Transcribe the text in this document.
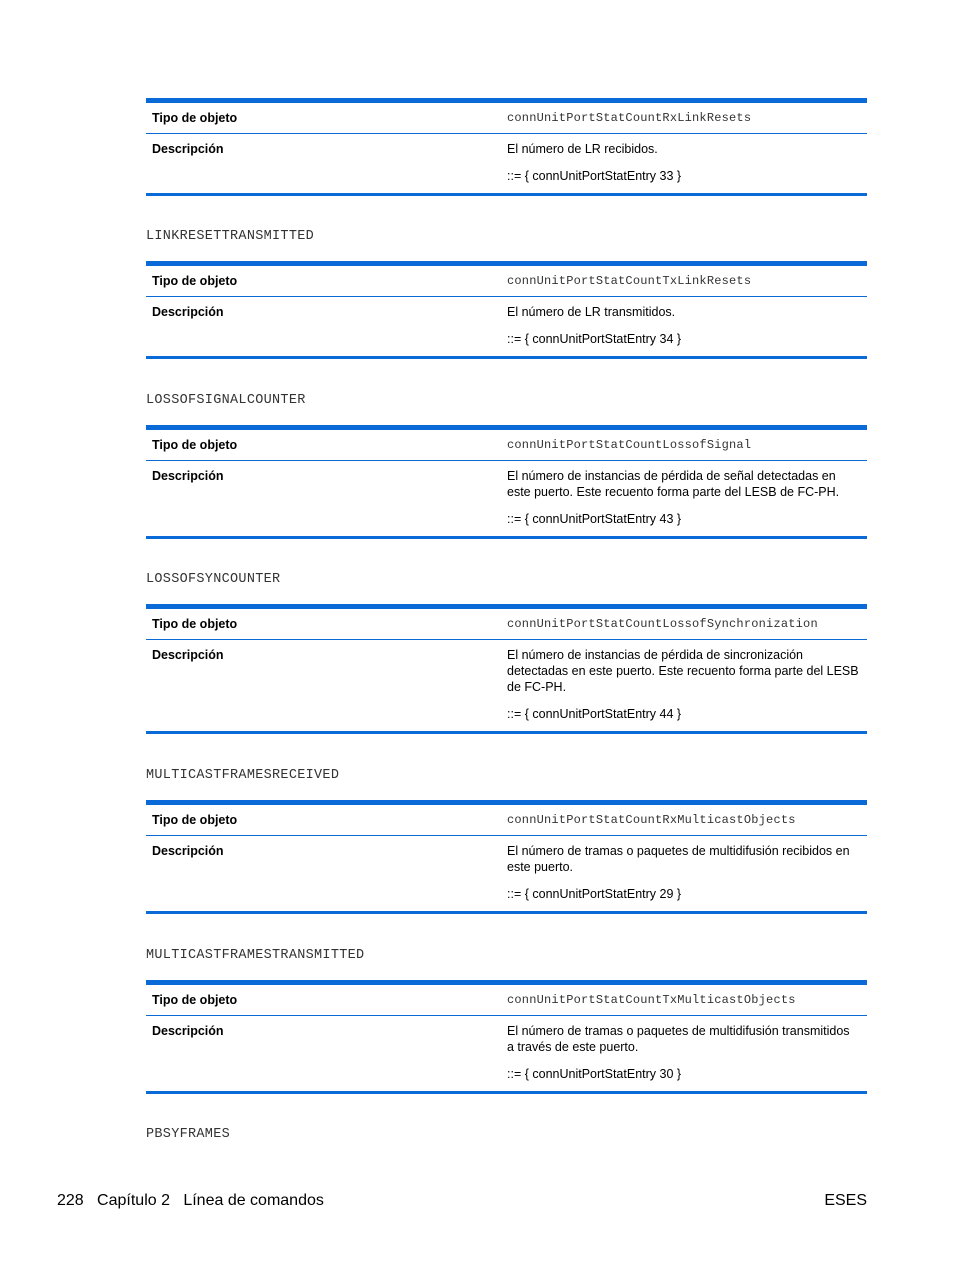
Tipo de objeto	connUnitPortStatCountRxLinkResets
Descripción	El número de LR recibidos.
::= { connUnitPortStatEntry 33 }
LINKRESETTRANSMITTED
Tipo de objeto	connUnitPortStatCountTxLinkResets
Descripción	El número de LR transmitidos.
::= { connUnitPortStatEntry 34 }
LOSSOFSIGNALCOUNTER
Tipo de objeto	connUnitPortStatCountLossofSignal
Descripción	El número de instancias de pérdida de señal detectadas en este puerto. Este recuento forma parte del LESB de FC-PH.
::= { connUnitPortStatEntry 43 }
LOSSOFSYNCOUNTER
Tipo de objeto	connUnitPortStatCountLossofSynchronization
Descripción	El número de instancias de pérdida de sincronización detectadas en este puerto. Este recuento forma parte del LESB de FC-PH.
::= { connUnitPortStatEntry 44 }
MULTICASTFRAMESRECEIVED
Tipo de objeto	connUnitPortStatCountRxMulticastObjects
Descripción	El número de tramas o paquetes de multidifusión recibidos en este puerto.
::= { connUnitPortStatEntry 29 }
MULTICASTFRAMESTRANSMITTED
Tipo de objeto	connUnitPortStatCountTxMulticastObjects
Descripción	El número de tramas o paquetes de multidifusión transmitidos a través de este puerto.
::= { connUnitPortStatEntry 30 }
PBSYFRAMES
228 Capítulo 2 Línea de comandos	ESES
